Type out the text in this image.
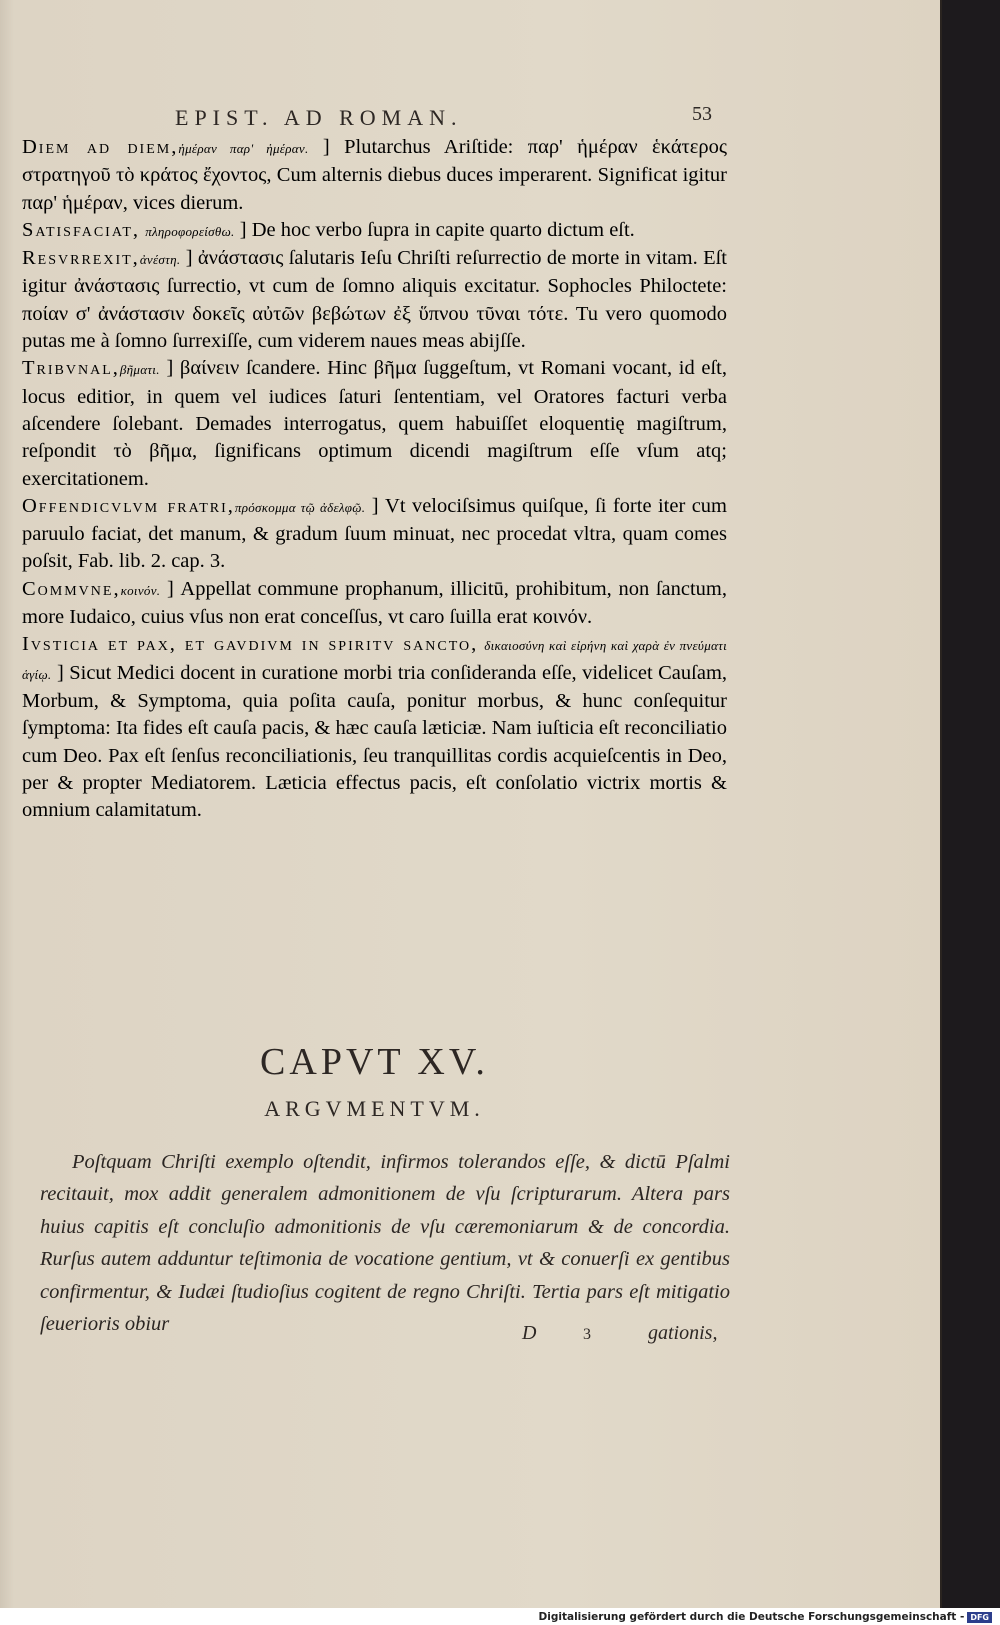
EPIST. AD ROMAN.	53

Diem ad diem,ἡμέραν παρ' ἡμέραν. ] Plutarchus Ariſtide: παρ' ἡμέραν ἑκάτερος στρατηγοῦ τὸ κράτος ἔχοντος, Cum alternis diebus duces imperarent. Significat igitur παρ' ἡμέραν, vices dierum.

Satisfaciat, πληροφορείσθω. ] De hoc verbo ſupra in capite quarto dictum eſt.

Resvrrexit,ἀνέστη. ] ἀνάστασις ſalutaris Ieſu Chriſti reſurrectio de morte in vitam. Eſt igitur ἀνάστασις ſurrectio, vt cum de ſomno aliquis excitatur. Sophocles Philoctete: ποίαν σ' ἀνάστασιν δοκεῖς αὐτῶν βεβώτων ἐξ ὕπνου τῦναι τότε. Tu vero quomodo putas me à ſomno ſurrexiſſe, cum viderem naues meas abijſſe.

Tribvnal,βῆματι. ] βαίνειν ſcandere. Hinc βῆμα ſuggeſtum, vt Romani vocant, id eſt, locus editior, in quem vel iudices ſaturi ſententiam, vel Oratores facturi verba aſcendere ſolebant. Demades interrogatus, quem habuiſſet eloquentię magiſtrum, reſpondit τὸ βῆμα, ſignificans optimum dicendi magiſtrum eſſe vſum atq; exercitationem.

Offendicvlvm fratri,πρόσκομμα τῷ ἀδελφῷ. ] Vt velociſsimus quiſque, ſi forte iter cum paruulo faciat, det manum, & gradum ſuum minuat, nec procedat vltra, quam comes poſsit, Fab. lib. 2. cap. 3.

Commvne,κοινόν. ] Appellat commune prophanum, illicitū, prohibitum, non ſanctum, more Iudaico, cuius vſus non erat conceſſus, vt caro ſuilla erat κοινόν.

Ivsticia et pax, et gavdivm in spiritv sancto, δικαιοσύνη καὶ εἰρήνη καὶ χαρὰ ἐν πνεύματι ἁγίῳ. ] Sicut Medici docent in curatione morbi tria conſideranda eſſe, videlicet Cauſam, Morbum, & Symptoma, quia poſita cauſa, ponitur morbus, & hunc conſequitur ſymptoma: Ita fides eſt cauſa pacis, & hæc cauſa læticiæ. Nam iuſticia eſt reconciliatio cum Deo. Pax eſt ſenſus reconciliationis, ſeu tranquillitas cordis acquieſcentis in Deo, per & propter Mediatorem. Læticia effectus pacis, eſt conſolatio victrix mortis & omnium calamitatum.

CAPVT XV.
ARGVMENTVM.

Poſtquam Chriſti exemplo oſtendit, infirmos tolerandos eſſe, & dictū Pſalmi recitauit, mox addit generalem admonitionem de vſu ſcripturarum. Altera pars huius capitis eſt concluſio admonitionis de vſu cæremoniarum & de concordia. Rurſus autem adduntur teſtimonia de vocatione gentium, vt & conuerſi ex gentibus confirmentur, & Iudæi ſtudioſius cogitent de regno Chriſti. Tertia pars eſt mitigatio ſeuerioris obiur	D	3	gationis,
Digitalisierung gefördert durch die Deutsche Forschungsgemeinschaft - DFG
